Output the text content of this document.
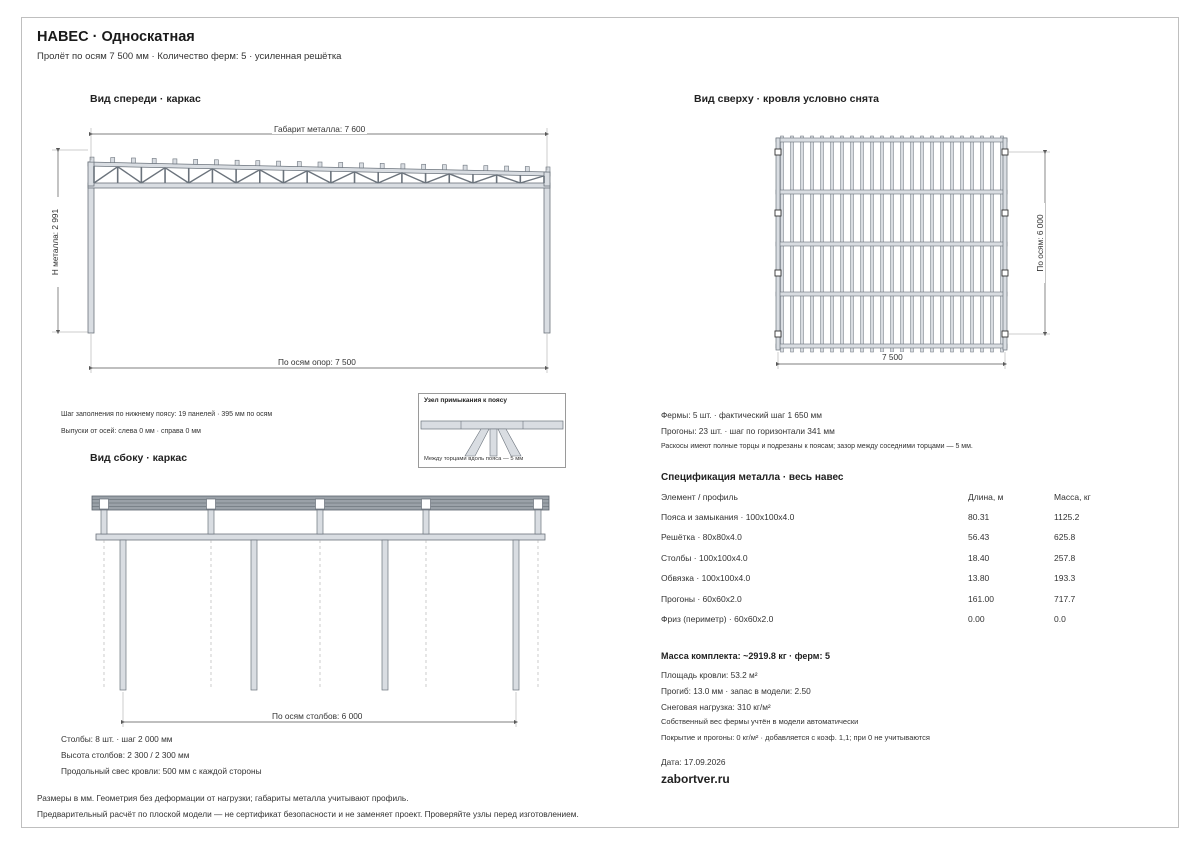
НАВЕС · Односкатная
Пролёт по осям 7 500 мм · Количество ферм: 5 · усиленная решётка
Вид спереди · каркас	Вид сверху · кровля условно снята
Вид сбоку · каркас
Габарит металла: 7 600
H металла: 2 991
По осям опор: 7 500
Шаг заполнения по нижнему поясу: 19 панелей · 395 мм по осям
Выпуски от осей: слева 0 мм · справа 0 мм
Узел примыкания к поясу
Между торцами вдоль пояса — 5 мм
7 500
По осям: 6 000
По осям столбов: 6 000
Столбы: 8 шт. · шаг 2 000 мм
Высота столбов: 2 300 / 2 300 мм
Продольный свес кровли: 500 мм с каждой стороны
Фермы: 5 шт. · фактический шаг 1 650 мм
Прогоны: 23 шт. · шаг по горизонтали 341 мм
Раскосы имеют полные торцы и подрезаны к поясам; зазор между соседними торцами — 5 мм.
Спецификация металла · весь навес
Элемент / профиль	Длина, м	Масса, кг
Пояса и замыкания · 100x100x4.0	80.31	1125.2
Решётка · 80x80x4.0	56.43	625.8
Столбы · 100x100x4.0	18.40	257.8
Обвязка · 100x100x4.0	13.80	193.3
Прогоны · 60x60x2.0	161.00	717.7
Фриз (периметр) · 60x60x2.0	0.00	0.0
Масса комплекта: ~2919.8 кг · ферм: 5
Площадь кровли: 53.2 м²
Прогиб: 13.0 мм · запас в модели: 2.50
Снеговая нагрузка: 310 кг/м²
Собственный вес фермы учтён в модели автоматически
Покрытие и прогоны: 0 кг/м² · добавляется с коэф. 1,1; при 0 не учитываются
Дата: 17.09.2026
zabortver.ru
Размеры в мм. Геометрия без деформации от нагрузки; габариты металла учитывают профиль.
Предварительный расчёт по плоской модели — не сертификат безопасности и не заменяет проект. Проверяйте узлы перед изготовлением.
